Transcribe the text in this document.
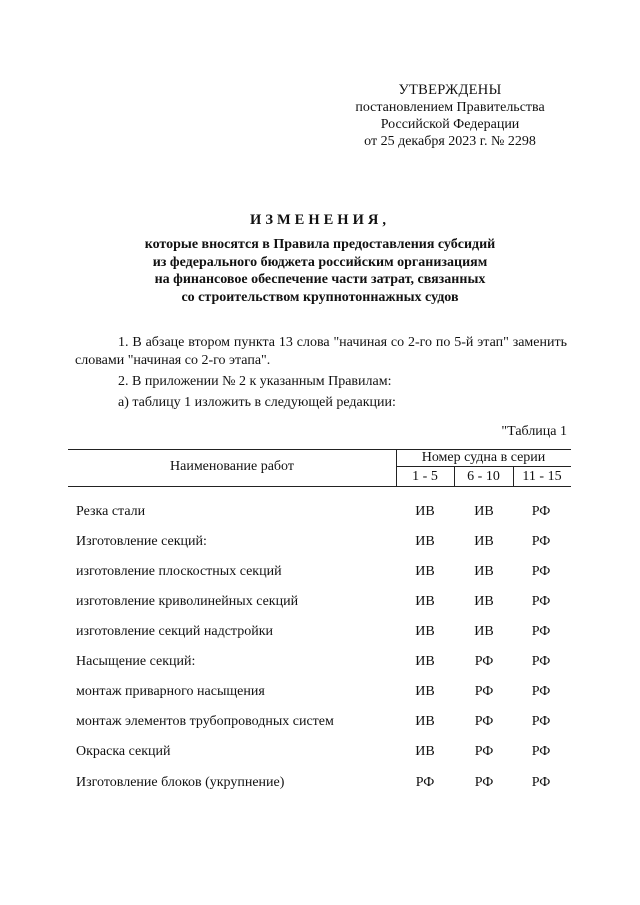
УТВЕРЖДЕНЫ
постановлением Правительства
Российской Федерации
от 25 декабря 2023 г. № 2298
ИЗМЕНЕНИЯ,
которые вносятся в Правила предоставления субсидий
из федерального бюджета российским организациям
на финансовое обеспечение части затрат, связанных
со строительством крупнотоннажных судов
1. В абзаце втором пункта 13 слова "начиная со 2-го по 5-й этап" заменить словами "начиная со 2-го этапа".
2. В приложении № 2 к указанным Правилам:
а) таблицу 1 изложить в следующей редакции:
"Таблица 1
Наименование работ
Номер судна в серии
1 - 5	6 - 10	11 - 15
Резка стали	ИВ	ИВ	РФ
Изготовление секций:	ИВ	ИВ	РФ
изготовление плоскостных секций	ИВ	ИВ	РФ
изготовление криволинейных секций	ИВ	ИВ	РФ
изготовление секций надстройки	ИВ	ИВ	РФ
Насыщение секций:	ИВ	РФ	РФ
монтаж приварного насыщения	ИВ	РФ	РФ
монтаж элементов трубопроводных систем	ИВ	РФ	РФ
Окраска секций	ИВ	РФ	РФ
Изготовление блоков (укрупнение)	РФ	РФ	РФ
